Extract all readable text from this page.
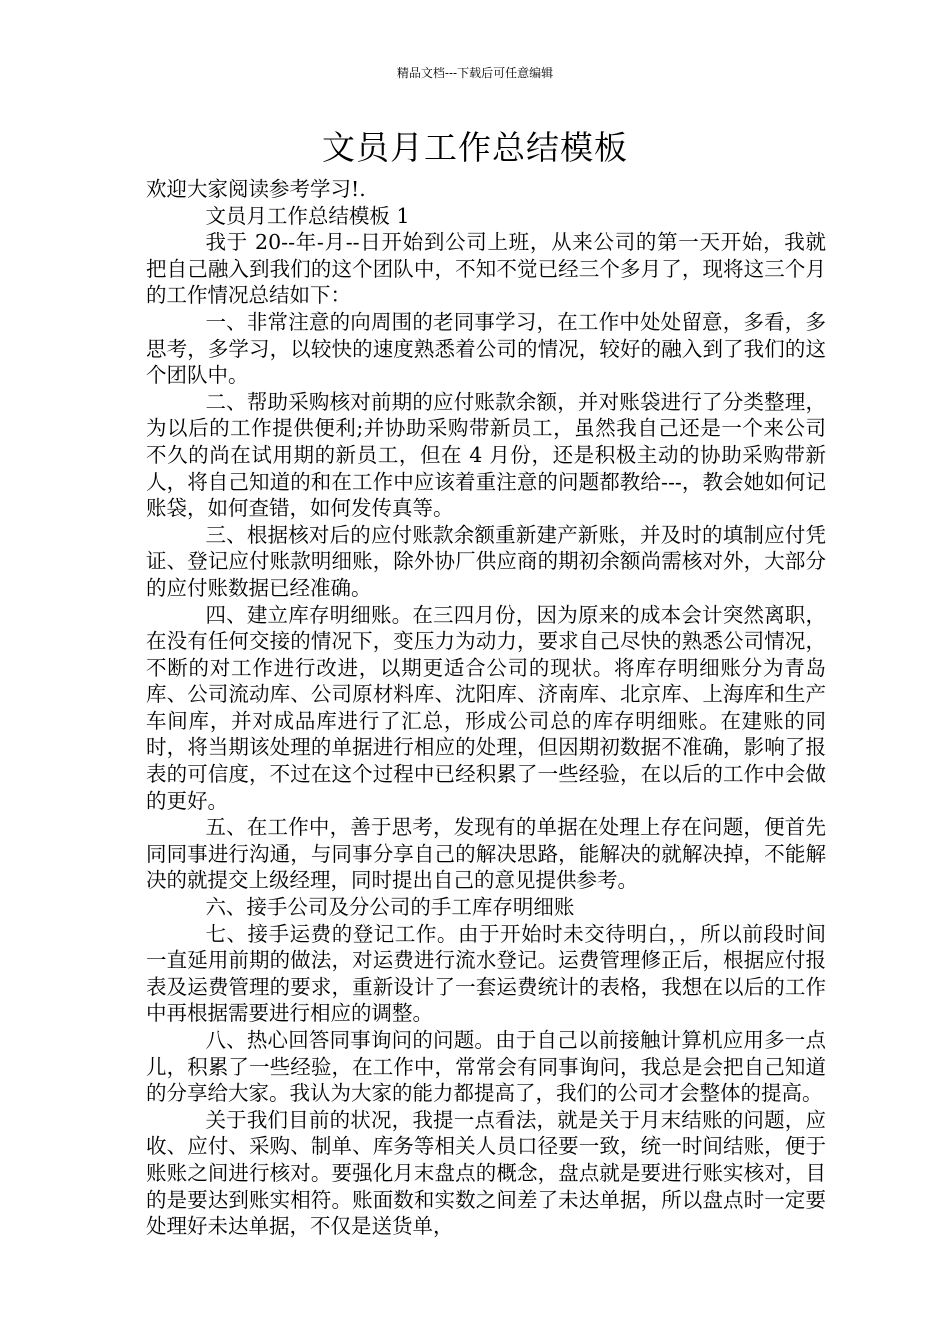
精品文档---下载后可任意编辑
文员月工作总结模板

欢迎大家阅读参考学习!.

文员月工作总结模板 1

我于 20--年-月--日开始到公司上班，从来公司的第一天开始，我就把自己融入到我们的这个团队中，不知不觉已经三个多月了，现将这三个月的工作情况总结如下：

一、非常注意的向周围的老同事学习，在工作中处处留意，多看，多思考，多学习，以较快的速度熟悉着公司的情况，较好的融入到了我们的这个团队中。

二、帮助采购核对前期的应付账款余额，并对账袋进行了分类整理，为以后的工作提供便利;并协助采购带新员工，虽然我自己还是一个来公司不久的尚在试用期的新员工，但在 4 月份，还是积极主动的协助采购带新人，将自己知道的和在工作中应该着重注意的问题都教给---，教会她如何记账袋，如何查错，如何发传真等。

三、根据核对后的应付账款余额重新建产新账，并及时的填制应付凭证、登记应付账款明细账，除外协厂供应商的期初余额尚需核对外，大部分的应付账数据已经准确。

四、建立库存明细账。在三四月份，因为原来的成本会计突然离职，在没有任何交接的情况下，变压力为动力，要求自己尽快的熟悉公司情况，不断的对工作进行改进，以期更适合公司的现状。将库存明细账分为青岛库、公司流动库、公司原材料库、沈阳库、济南库、北京库、上海库和生产车间库，并对成品库进行了汇总，形成公司总的库存明细账。在建账的同时，将当期该处理的单据进行相应的处理，但因期初数据不准确，影响了报表的可信度，不过在这个过程中已经积累了一些经验，在以后的工作中会做的更好。

五、在工作中，善于思考，发现有的单据在处理上存在问题，便首先同同事进行沟通，与同事分享自己的解决思路，能解决的就解决掉，不能解决的就提交上级经理，同时提出自己的意见提供参考。

六、接手公司及分公司的手工库存明细账

七、接手运费的登记工作。由于开始时未交待明白，，所以前段时间一直延用前期的做法，对运费进行流水登记。运费管理修正后，根据应付报表及运费管理的要求，重新设计了一套运费统计的表格，我想在以后的工作中再根据需要进行相应的调整。

八、热心回答同事询问的问题。由于自己以前接触计算机应用多一点儿，积累了一些经验，在工作中，常常会有同事询问，我总是会把自己知道的分享给大家。我认为大家的能力都提高了，我们的公司才会整体的提高。

关于我们目前的状况，我提一点看法，就是关于月末结账的问题，应收、应付、采购、制单、库务等相关人员口径要一致，统一时间结账，便于账账之间进行核对。要强化月末盘点的概念，盘点就是要进行账实核对，目的是要达到账实相符。账面数和实数之间差了未达单据，所以盘点时一定要处理好未达单据，不仅是送货单，
